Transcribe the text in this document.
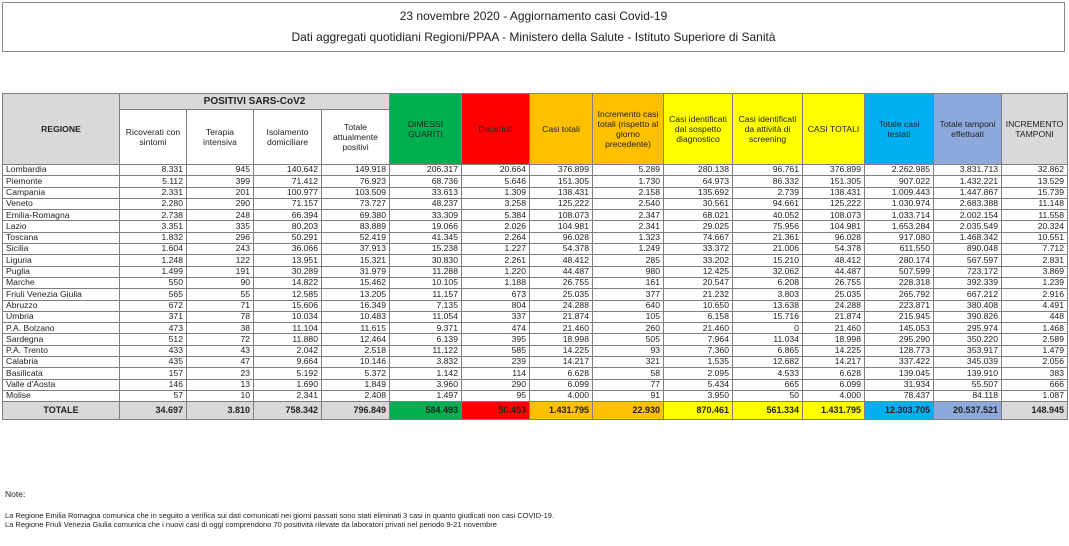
23 novembre 2020 - Aggiornamento casi Covid-19
Dati aggregati quotidiani Regioni/PPAA - Ministero della Salute - Istituto Superiore di Sanità
REGIONE	POSITIVI SARS-CoV2				DIMESSI GUARITI	Deceduti	Casi totali	Incremento casi totali (rispetto al giorno precedente)	Casi identificati dal sospetto diagnostico	Casi identificati da attività di screening	CASI TOTALI	Totale casi testati	Totale tamponi effettuati	INCREMENTO TAMPONI
	Ricoverati con sintomi	Terapia intensiva	Isolamento domiciliare	Totale attualmente positivi										
Lombardia	8.331	945	140.642	149.918	206.317	20.664	376.899	5.289	280.138	96.761	376.899	2.262.985	3.831.713	32.862
Piemonte	5.112	399	71.412	76.923	68.736	5.646	151.305	1.730	64.973	86.332	151.305	907.022	1.432.221	13.529
Campania	2.331	201	100.977	103.509	33.613	1.309	138.431	2.158	135.692	2.739	138.431	1.009.443	1.447.867	15.739
Veneto	2.280	290	71.157	73.727	48.237	3.258	125.222	2.540	30.561	94.661	125.222	1.030.974	2.683.388	11.148
Emilia-Romagna	2.738	248	66.394	69.380	33.309	5.384	108.073	2.347	68.021	40.052	108.073	1.033.714	2.002.154	11.558
Lazio	3.351	335	80.203	83.889	19.066	2.026	104.981	2.341	29.025	75.956	104.981	1.653.284	2.035.549	20.324
Toscana	1.832	296	50.291	52.419	41.345	2.264	96.028	1.323	74.667	21.361	96.028	917.080	1.468.342	10.551
Sicilia	1.604	243	36.066	37.913	15.238	1.227	54.378	1.249	33.372	21.006	54.378	611.550	890.048	7.712
Liguria	1.248	122	13.951	15.321	30.830	2.261	48.412	285	33.202	15.210	48.412	280.174	567.597	2.831
Puglia	1.499	191	30.289	31.979	11.288	1.220	44.487	980	12.425	32.062	44.487	507.599	723.172	3.869
Marche	550	90	14.822	15.462	10.105	1.188	26.755	161	20.547	6.208	26.755	228.318	392.339	1.239
Friuli Venezia Giulia	565	55	12.585	13.205	11.157	673	25.035	377	21.232	3.803	25.035	265.792	667.212	2.916
Abruzzo	672	71	15.606	16.349	7.135	804	24.288	640	10.650	13.638	24.288	223.871	380.408	4.491
Umbria	371	78	10.034	10.483	11.054	337	21.874	105	6.158	15.716	21.874	215.945	390.826	448
P.A. Bolzano	473	38	11.104	11.615	9.371	474	21.460	260	21.460	0	21.460	145.053	295.974	1.468
Sardegna	512	72	11.880	12.464	6.139	395	18.998	505	7.964	11.034	18.998	295.290	350.220	2.589
P.A. Trento	433	43	2.042	2.518	11.122	585	14.225	93	7.360	6.865	14.225	128.773	353.917	1.479
Calabria	435	47	9.664	10.146	3.832	239	14.217	321	1.535	12.682	14.217	337.422	345.039	2.056
Basilicata	157	23	5.192	5.372	1.142	114	6.628	58	2.095	4.533	6.628	139.045	139.910	383
Valle d'Aosta	146	13	1.690	1.849	3.960	290	6.099	77	5.434	665	6.099	31.934	55.507	666
Molise	57	10	2.341	2.408	1.497	95	4.000	91	3.950	50	4.000	78.437	84.118	1.087
TOTALE	34.697	3.810	758.342	796.849	584.493	50.453	1.431.795	22.930	870.461	561.334	1.431.795	12.303.705	20.537.521	148.945
Note:
La Regione Emilia Romagna comunica che in seguito a verifica sui dati comunicati nei giorni passati sono stati eliminati 3 casi in quanto giudicati non casi COVID-19.
La Regione Friuli Venezia Giulia comunica che i nuovi casi di oggi comprendono 70 positività rilevate da laboratori privati nel periodo 9-21 novembre
